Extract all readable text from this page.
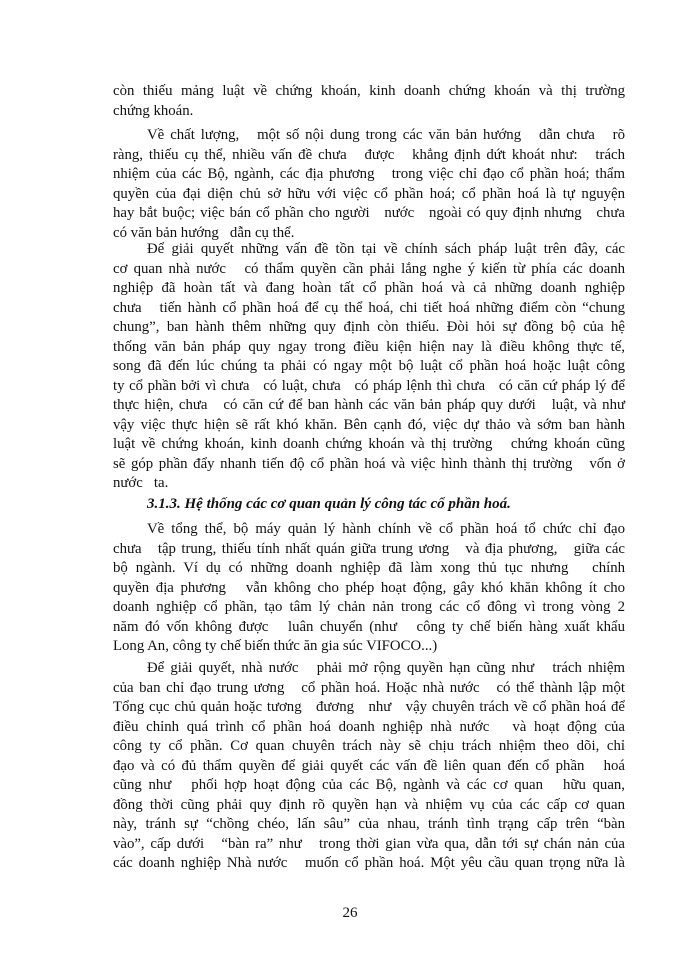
còn thiếu mảng luật về chứng khoán, kinh doanh chứng khoán và thị trường
chứng khoán.
Về chất lượng,   một số nội dung trong các văn bản hướng   dẫn chưa   rõ
ràng, thiếu cụ thể, nhiều vấn đề chưa   được   khẳng định dứt khoát như:   trách
nhiệm của các Bộ, ngành, các địa phương   trong việc chỉ đạo cổ phần hoá; thẩm
quyền của đại diện chủ sở hữu với việc cổ phần hoá; cổ phần hoá là tự nguyện
hay bắt buộc; việc bán cổ phần cho người   nước   ngoài có quy định nhưng   chưa
có văn bản hướng   dẫn cụ thể.
Để giải quyết những vấn đề tồn tại về chính sách pháp luật trên đây, các
cơ quan nhà nước   có thẩm quyền cần phải lắng nghe ý kiến từ phía các doanh
nghiệp đã hoàn tất và đang hoàn tất cổ phần hoá và cả những doanh nghiệp
chưa   tiến hành cổ phần hoá để cụ thể hoá, chi tiết hoá những điểm còn “chung
chung”, ban hành thêm những quy định còn thiếu. Đòi hỏi sự đồng bộ của hệ
thống văn bản pháp quy ngay trong điều kiện hiện nay là điều không thực tế,
song đã đến lúc chúng ta phải có ngay một bộ luật cổ phần hoá hoặc luật công
ty cổ phần bởi vì chưa   có luật, chưa   có pháp lệnh thì chưa   có căn cứ pháp lý để
thực hiện, chưa   có căn cứ để ban hành các văn bản pháp quy dưới   luật, và như
vậy việc thực hiện sẽ rất khó khăn. Bên cạnh đó, việc dự thảo và sớm ban hành
luật về chứng khoán, kinh doanh chứng khoán và thị trường   chứng khoán cũng
sẽ góp phần đẩy nhanh tiến độ cổ phần hoá và việc hình thành thị trường   vốn ở
nước   ta.
3.1.3. Hệ thống các cơ quan quản lý công tác cổ phần hoá.
Về tổng thể, bộ máy quản lý hành chính về cổ phần hoá tổ chức chỉ đạo
chưa   tập trung, thiếu tính nhất quán giữa trung ương   và địa phương,   giữa các
bộ ngành. Ví dụ có những doanh nghiệp đã làm xong thủ tục nhưng   chính
quyền địa phương   vẫn không cho phép hoạt động, gây khó khăn không ít cho
doanh nghiệp cổ phần, tạo tâm lý chản nản trong các cổ đông vì trong vòng 2
năm đó vốn không được   luân chuyển (như   công ty chế biến hàng xuất khẩu
Long An, công ty chế biến thức ăn gia súc VIFOCO...)
Để giải quyết, nhà nước   phải mở rộng quyền hạn cũng như   trách nhiệm
của ban chỉ đạo trung ương   cổ phần hoá. Hoặc nhà nước   có thể thành lập một
Tổng cục chủ quản hoặc tương   đương   như   vậy chuyên trách về cổ phần hoá để
điều chỉnh quá trình cổ phần hoá doanh nghiệp nhà nước   và hoạt động của
công ty cổ phần. Cơ quan chuyên trách này sẽ chịu trách nhiệm theo dõi, chỉ
đạo và có đủ thẩm quyền để giải quyết các vấn đề liên quan đến cổ phần   hoá
cũng như   phối hợp hoạt động của các Bộ, ngành và các cơ quan   hữu quan,
đồng thời cũng phải quy định rõ quyền hạn và nhiệm vụ của các cấp cơ quan
này, tránh sự “chồng chéo, lấn sâu” của nhau, tránh tình trạng cấp trên “bàn
vào”, cấp dưới   “bàn ra” như   trong thời gian vừa qua, dẫn tới sự chán nản của
các doanh nghiệp Nhà nước   muốn cổ phần hoá. Một yêu cầu quan trọng nữa là
26
